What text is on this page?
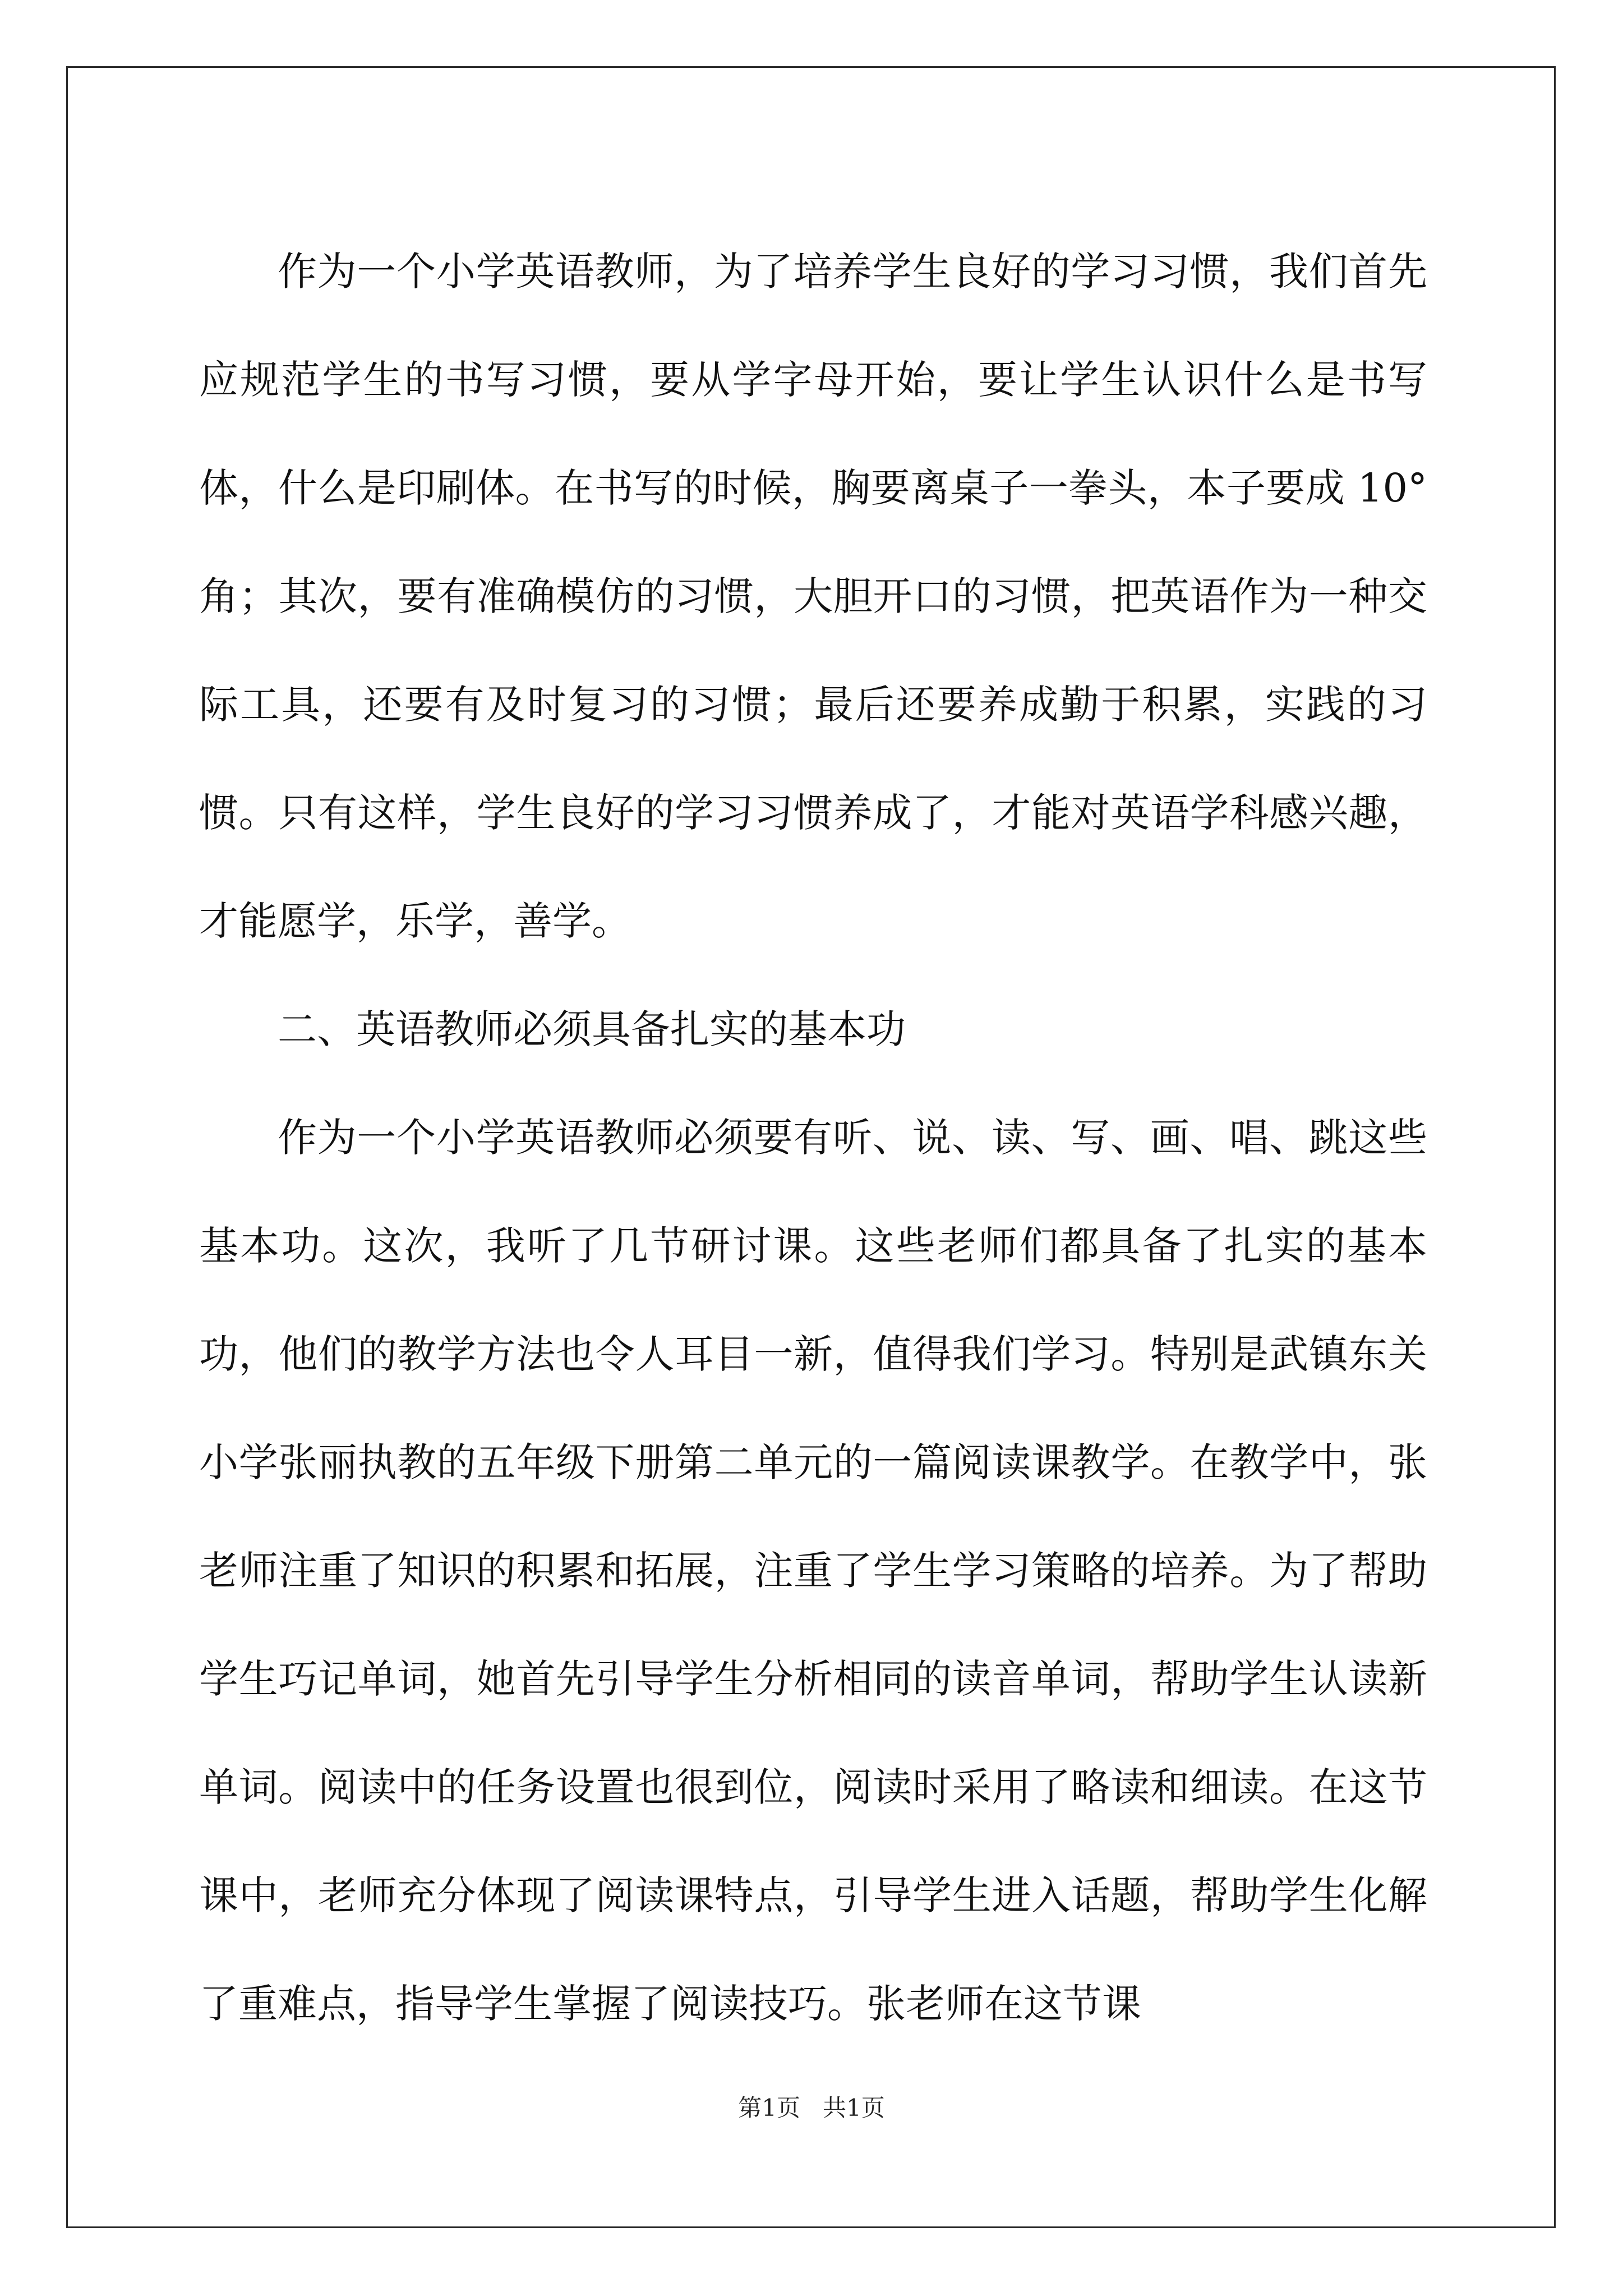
作为一个小学英语教师，为了培养学生良好的学习习惯，我们首先应规范学生的书写习惯，要从学字母开始，要让学生认识什么是书写体，什么是印刷体。在书写的时候，胸要离桌子一拳头，本子要成 10°角；其次，要有准确模仿的习惯，大胆开口的习惯，把英语作为一种交际工具，还要有及时复习的习惯；最后还要养成勤于积累，实践的习惯。只有这样，学生良好的学习习惯养成了，才能对英语学科感兴趣，才能愿学，乐学，善学。

二、英语教师必须具备扎实的基本功

作为一个小学英语教师必须要有听、说、读、写、画、唱、跳这些基本功。这次，我听了几节研讨课。这些老师们都具备了扎实的基本功，他们的教学方法也令人耳目一新，值得我们学习。特别是武镇东关小学张丽执教的五年级下册第二单元的一篇阅读课教学。在教学中，张老师注重了知识的积累和拓展，注重了学生学习策略的培养。为了帮助学生巧记单词，她首先引导学生分析相同的读音单词，帮助学生认读新单词。阅读中的任务设置也很到位，阅读时采用了略读和细读。在这节课中，老师充分体现了阅读课特点，引导学生进入话题，帮助学生化解了重难点，指导学生掌握了阅读技巧。张老师在这节课

第1页   共1页
